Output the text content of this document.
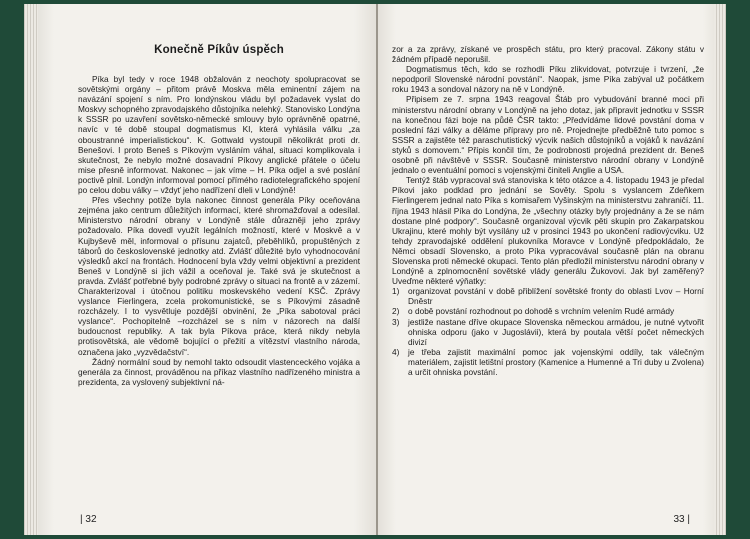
Konečně Píkův úspěch

Píka byl tedy v roce 1948 obžalován z neochoty spolupracovat se sovětskými orgány – přitom právě Moskva měla eminentní zájem na navázání spojení s ním. Pro londýnskou vládu byl požadavek vyslat do Moskvy schopného zpravodajského důstojníka nelehký. Stanovisko Londýna k SSSR po uzavření sovětsko-německé smlouvy bylo oprávněně opatrné, navíc v té době stoupal dogmatismus KI, která vyhlásila válku „za oboustranné imperialistickou“. K. Gottwald vystoupil několikrát proti dr. Benešovi. I proto Beneš s Píkovým vysláním váhal, situaci komplikovala i skutečnost, že nebylo možné dosavadní Píkovy anglické přátele o účelu mise přesně informovat. Nakonec – jak víme – H. Píka odjel a své poslání poctivě plnil. Londýn informoval pomocí přímého radiotelegrafického spojení po celou dobu války – vždyť jeho nadřízení dleli v Londýně!

Přes všechny potíže byla nakonec činnost generála Píky oceňována zejména jako centrum důležitých informací, které shromažďoval a odesílal. Ministerstvo národní obrany v Londýně stále důrazněji jeho zprávy požadovalo. Píka dovedl využít legálních možností, které v Moskvě a v Kujbyševě měl, informoval o přísunu zajatců, přeběhlíků, propuštěných z táborů do československé jednotky atd. Zvlášť důležité bylo vyhodnocování výsledků akcí na frontách. Hodnocení byla vždy velmi objektivní a prezident Beneš v Londýně si jich vážil a oceňoval je. Také svá je skutečnost a pravda. Zvlášť potřebné byly podrobné zprávy o situaci na frontě a v zázemí. Charakterizoval i útočnou politiku moskevského vedení KSČ. Zprávy vyslance Fierlingera, zcela prokomunistické, se s Píkovými zásadně rozcházely. I to vysvětluje pozdější obvinění, že „Píka sabotoval práci vyslance“. Pochopitelně –rozcházel se s ním v názorech na další budoucnost republiky. A tak byla Píkova práce, která nikdy nebyla protisovětská, ale vědomě bojující o přežití a vítězství vlastního národa, označena jako „vyzvědačství“.

Žádný normální soud by nemohl takto odsoudit vlastenceckého vojáka a generála za činnost, prováděnou na příkaz vlastního nadřízeného ministra a prezidenta, za vyslovený subjektivní ná-

| 32

zor a za zprávy, získané ve prospěch státu, pro který pracoval. Zákony státu v žádném případě neporušil.

Dogmatismus těch, kdo se rozhodli Píku zlikvidovat, potvrzuje i tvrzení, „že nepodporil Slovenské národní povstání“. Naopak, jsme Píka zabýval už počátkem roku 1943 a sondoval názory na ně v Londýně.

Připisem ze 7. srpna 1943 reagoval Štáb pro vybudování branné moci při ministerstvu národní obrany v Londýně na jeho dotaz, jak připravit jednotku v SSSR na konečnou fázi boje na půdě ČSR takto: „Předvídáme lidové povstání doma v poslední fázi války a děláme přípravy pro ně. Projednejte předběžně tuto pomoc s SSSR a zajistěte též paraschutistický výcvik našich důstojníků a vojáků k navázání styků s domovem.“ Přípis končil tím, že podrobnosti projedná prezident dr. Beneš osobně při návštěvě v SSSR. Současně ministerstvo národní obrany v Londýně jednalo o eventuální pomoci s vojenskými činiteli Anglie a USA.

Tentýž štáb vypracoval svá stanoviska k této otázce a 4. listopadu 1943 je předal Píkovi jako podklad pro jednání se Sověty. Spolu s vyslancem Zdeňkem Fierlingerem jednal nato Píka s komisařem Vyšinským na ministerstvu zahraničí. 11. října 1943 hlásil Píka do Londýna, že „všechny otázky byly projednány a že se nám dostane plné podpory“. Současně organizoval výcvik pěti skupin pro Zakarpatskou Ukrajinu, které mohly být vysílány už v prosinci 1943 po ukončení radiovýcviku. Už tehdy zpravodajské oddělení plukovníka Moravce v Londýně předpokládalo, že Němci obsadí Slovensko, a proto Píka vypracovával současně plán na obranu Slovenska proti německé okupaci. Tento plán předložil ministerstvu národní obrany v Londýně a zplnomocnění sovětské vlády generálu Žukovovi. Jak byl zaměřený? Uveďme některé výňatky:

1) organizovat povstání v době přiblížení sovětské fronty do oblasti Lvov – Horní Dněstr
2) o době povstání rozhodnout po dohodě s vrchním velením Rudé armády
3) jestliže nastane dříve okupace Slovenska německou armádou, je nutné vytvořit ohniska odporu (jako v Jugoslávii), která by poutala větší počet německých divizí
4) je třeba zajistit maximální pomoc jak vojenskými oddíly, tak válečným materiálem, zajistit letištní prostory (Kamenice a Humenné a Tri duby u Zvolena) a určit ohniska povstání.
33 |
